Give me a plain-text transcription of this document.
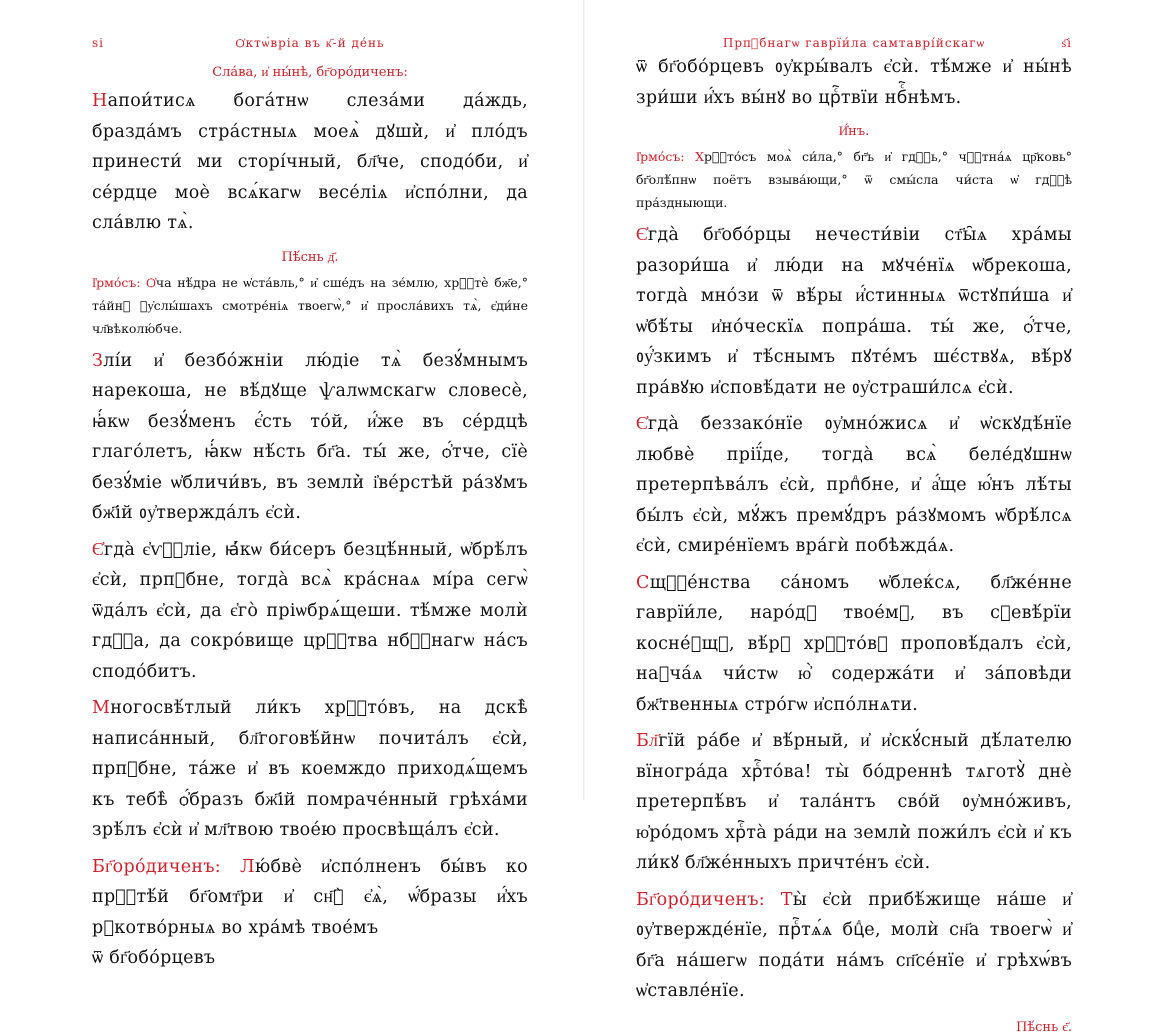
ѕі	Ѻ҆ктѡ́вріа въ к҃-й де́нь
Сла́ва, и҆ ны́нѣ, бг҃оро́диченъ:

Напои́тисѧ бога́тнѡ слеза́ми да́ждь, бразда́мъ стра́стныѧ моеѧ̀ дꙋши̇̀, и҆ пло́дъ принести́ ми сторі́чный, бл҃че, сподо́би, и҆ се́рдце моѐ всѧ́кагѡ весе́ліѧ и҆спо́лни, да сла́влю тѧ̀.

Пѣ́снь д҃.

І҆рмо́съ: Ѻ҆ча нѣ́дра не ѡ҆ста́вль,° и҆ сше́дъ на зе́млю, хрⷭ҇тѐ бж҃е,° та́йнꙋ ᲂу҆слы́шахъ смотре́ніѧ твоегѡ̀,° и҆ просла́вихъ тѧ̀, є҆ди́не чл҃вѣколю́бче.

Злі́и и҆ безбо́жніи лю́діе тѧ̀ безꙋ́мнымъ нарекоша, не вѣ́дꙋще ѱалѡмскагѡ словесѐ, ꙗ҆́кѡ безꙋ́менъ є҆́сть то́й, и҆́же въ се́рдцѣ глаго́летъ, ꙗ҆́кѡ нѣ́сть бг҃а. ты́ же, ѻ҆́тче, сїѐ безꙋ́міе ѡ҆бличи́въ, въ земли̇̀ і҆ве́рстѣй ра́зꙋмъ бж҃ій ᲂу҆твержда́лъ є҆сѝ.

Є҆гда̀ є҆ѵⷢ҇ліе, ꙗ҆́кѡ би́серъ безцѣ́нный, ѡ҆брѣ́лъ є҆сѝ, прпⷣбне, тогда̀ всѧ̀ кра́снаѧ мі́ра сегѡ̀ ѿда́лъ є҆сѝ, да є҆го̀ пріѡбрѧ́щеши. тѣ́мже молѝ гдⷭ҇а, да сокро́вище црⷭ҇тва нбⷭ҇нагѡ на́съ сподо́битъ.

Многосвѣ́тлый ли́къ хрⷭ҇то́въ, на дскѣ̀ написа́нный, бл҃гоговѣ́йнѡ почита́лъ є҆сѝ, прпⷣбне, та́же и҆ въ коемждо приходѧ́щемъ къ тебѣ̀ ѻ҆́бразъ бж҃ій помраче́нный грѣха́ми зрѣ́лъ є҆сѝ и҆ мл҃твою твое́ю просвѣща́лъ є҆сѝ.

Бг҃оро́диченъ: Лю́бвѐ и҆спо́лненъ бы́въ ко прⷭ҇тѣ́й бг҃омт҃ри и҆ сн҃ꙋ̀ є҆ѧ̀, ѡ҆́бразы и҆́хъ рꙋкотво́рныѧ во хра́мѣ твое́мъ

ѿ бг҃обо́рцевъ

Прпⷣбнагѡ гаврїи́ла самтаврі́йскагѡ	ѕ҃і

ѿ бг҃обо́рцевъ ᲂу҆кры́валъ є҆сѝ. тѣ́мже и҆ ны́нѣ зри́ши и҆́хъ вы́нꙋ во црⷭ҇твїи нбⷭ҇нѣмъ.

И҆́нъ.

І҆рмо́съ: Хрⷭ҇то́съ моѧ̀ си́ла,° бг҃ъ и҆ гдⷭ҇ь,° чⷭ҇тна́ѧ цр҃ковь° бг҃олѣ́пнѡ поётъ взыва́ющи,° ѿ смы́сла чи́ста ѡ҆ гдⷭ҇ѣ пра́здныющи.

Є҆гда̀ бг҃обо́рцы нечести́віи ст҃ы̑ѧ хра́мы разори́ша и҆ лю́ди на мꙋче́нїѧ ѡ҆брекоша, тогда̀ мно́зи ѿ вѣ́ры и҆́стинныѧ ѿстꙋпи́ша и҆ ѡ҆бѣ́ты и҆но́ческїѧ попра́ша. ты́ же, ѻ҆́тче, ᲂу҆́зкимъ и҆ тѣ́снымъ пꙋте́мъ шє́ствꙋѧ, вѣ́рꙋ пра́вꙋю и҆сповѣ́дати не ᲂу҆страши́лсѧ є҆сѝ.

Є҆гда̀ беззако́нїе ᲂу҆мно́жисѧ и҆ ѡ҆скꙋдѣ́нїе любвѐ прії́де, тогда̀ всѧ̀ беле́дꙋшнѡ претерпѣва́лъ є҆сѝ, прпⷣбне, и҆ а҆́ще ю҆́нъ лѣ́ты бы́лъ є҆сѝ, мꙋ́жъ премꙋ́дръ ра́зꙋмомъ ѡ҆брѣ́лсѧ є҆сѝ, смире́нїемъ вра́гѝ побѣжда́ѧ.

Сщⷭ҇е́нства са́номъ ѡ҆блеќсѧ, бл҃же́нне гаврїи́ле, наро́дꙋ твое́мꙋ, въ сꙋевѣ́рїи косне́ꙋщꙋ, вѣ́рꙋ хрⷭ҇то́вꙋ проповѣ́далъ є҆сѝ, наꙋча́ѧ чи́стѡ ю҆̀ содержа́ти и҆ за́повѣди бж҃твенныѧ стро́гѡ и҆спо́лнѧти.

Бл҃гїй ра́бе и҆ вѣ́рный, и҆ и҆скꙋ́сный дѣ́лателю вїногра́да хрⷭ҇то́ва! ты̀ бо́дреннѣ тѧготꙋ̀ днѐ претерпѣ́въ и҆ тала́нтъ сво́й ᲂу҆мно́живъ, ю҆ро́домъ хрⷭ҇та̀ ра́ди на земли̇̀ пожи́лъ є҆сѝ и҆ къ ли́кꙋ бл҃же́нныхъ причте́нъ є҆сѝ.

Бг҃оро́диченъ: Ты̀ є҆сѝ прибѣ́жище на́ше и҆ ᲂу҆твержде́нїе, прⷭ҇тѧ́ѧ бцⷣе, молѝ сн҃а твоегѡ̀ и҆ бг҃а на́шегѡ пода́ти на́мъ сп҃се́нїе и҆ грѣхѡ́въ ѡ҆ставле́нїе.

Пѣ́снь є҃.
